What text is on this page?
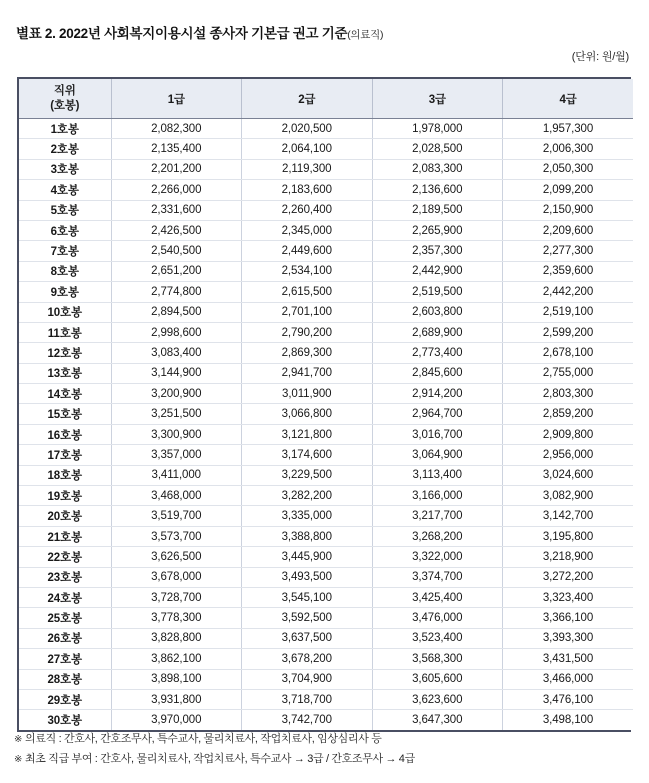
별표 2. 2022년 사회복지이용시설 종사자 기본급 권고 기준(의료직)
(단위: 원/월)
직위
(호봉)	1급	2급	3급	4급
1호봉	2,082,300	2,020,500	1,978,000	1,957,300
2호봉	2,135,400	2,064,100	2,028,500	2,006,300
3호봉	2,201,200	2,119,300	2,083,300	2,050,300
4호봉	2,266,000	2,183,600	2,136,600	2,099,200
5호봉	2,331,600	2,260,400	2,189,500	2,150,900
6호봉	2,426,500	2,345,000	2,265,900	2,209,600
7호봉	2,540,500	2,449,600	2,357,300	2,277,300
8호봉	2,651,200	2,534,100	2,442,900	2,359,600
9호봉	2,774,800	2,615,500	2,519,500	2,442,200
10호봉	2,894,500	2,701,100	2,603,800	2,519,100
11호봉	2,998,600	2,790,200	2,689,900	2,599,200
12호봉	3,083,400	2,869,300	2,773,400	2,678,100
13호봉	3,144,900	2,941,700	2,845,600	2,755,000
14호봉	3,200,900	3,011,900	2,914,200	2,803,300
15호봉	3,251,500	3,066,800	2,964,700	2,859,200
16호봉	3,300,900	3,121,800	3,016,700	2,909,800
17호봉	3,357,000	3,174,600	3,064,900	2,956,000
18호봉	3,411,000	3,229,500	3,113,400	3,024,600
19호봉	3,468,000	3,282,200	3,166,000	3,082,900
20호봉	3,519,700	3,335,000	3,217,700	3,142,700
21호봉	3,573,700	3,388,800	3,268,200	3,195,800
22호봉	3,626,500	3,445,900	3,322,000	3,218,900
23호봉	3,678,000	3,493,500	3,374,700	3,272,200
24호봉	3,728,700	3,545,100	3,425,400	3,323,400
25호봉	3,778,300	3,592,500	3,476,000	3,366,100
26호봉	3,828,800	3,637,500	3,523,400	3,393,300
27호봉	3,862,100	3,678,200	3,568,300	3,431,500
28호봉	3,898,100	3,704,900	3,605,600	3,466,000
29호봉	3,931,800	3,718,700	3,623,600	3,476,100
30호봉	3,970,000	3,742,700	3,647,300	3,498,100
※ 의료직 : 간호사, 간호조무사, 특수교사, 물리치료사, 작업치료사, 임상심리사 등
※ 최초 직급 부여 : 간호사, 물리치료사, 작업치료사, 특수교사 → 3급 / 간호조무사 → 4급
